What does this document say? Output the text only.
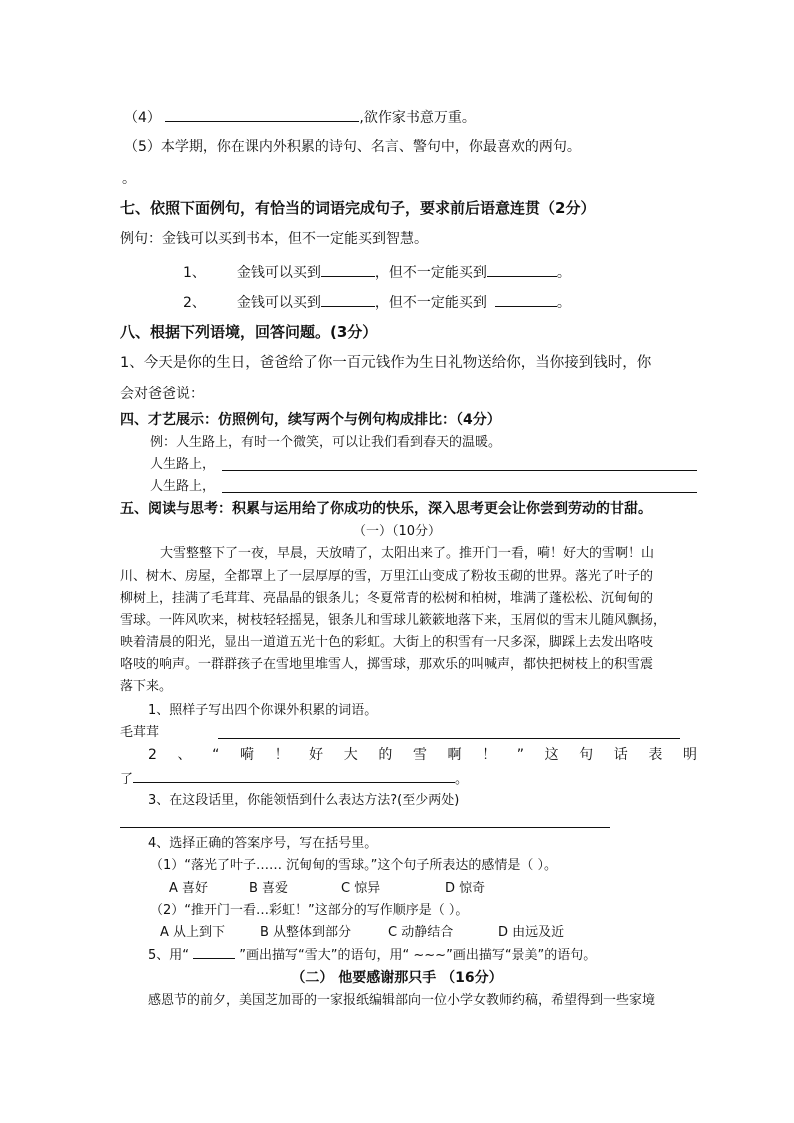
（4）	,欲作家书意万重。
（5）本学期，你在课内外积累的诗句、名言、警句中，你最喜欢的两句。
。
七、依照下面例句，有恰当的词语完成句子，要求前后语意连贯（2分）
例句：金钱可以买到书本，但不一定能买到智慧。
1、 金钱可以买到	，但不一定能买到	。
2、 金钱可以买到	，但不一定能买到	。
八、根据下列语境，回答问题。(3分）
1、今天是你的生日，爸爸给了你一百元钱作为生日礼物送给你，当你接到钱时，你
会对爸爸说：
四、才艺展示：仿照例句，续写两个与例句构成排比：（4分）
例：人生路上，有时一个微笑，可以让我们看到春天的温暖。
人生路上，
人生路上，
五、阅读与思考：积累与运用给了你成功的快乐，深入思考更会让你尝到劳动的甘甜。
（一）（10分）
大雪整整下了一夜，早晨，天放晴了，太阳出来了。推开门一看，嗬！好大的雪啊！山
川、树木、房屋，全都罩上了一层厚厚的雪，万里江山变成了粉妆玉砌的世界。落光了叶子的
柳树上，挂满了毛茸茸、亮晶晶的银条儿；冬夏常青的松树和柏树，堆满了蓬松松、沉甸甸的
雪球。一阵风吹来，树枝轻轻摇晃，银条儿和雪球儿簌簌地落下来，玉屑似的雪末儿随风飘扬，
映着清晨的阳光，显出一道道五光十色的彩虹。大街上的积雪有一尺多深，脚踩上去发出咯吱
咯吱的响声。一群群孩子在雪地里堆雪人，掷雪球，那欢乐的叫喊声，都快把树枝上的积雪震
落下来。
1、照样子写出四个你课外积累的词语。
毛茸茸
2 、 “ 嗬 ！ 好 大 的 雪 啊 ！ ” 这 句 话 表 明
了	。
3、在这段话里，你能领悟到什么表达方法?(至少两处)
4、选择正确的答案序号，写在括号里。
（1）“落光了叶子…… 沉甸甸的雪球。”这个句子所表达的感情是（ ）。
A 喜好	B 喜爱	C 惊异	D 惊奇
（2）“推开门一看…彩虹！”这部分的写作顺序是（ ）。
A 从上到下	B 从整体到部分	C 动静结合	D 由远及近
5、用“	”画出描写“雪大”的语句，用“ ~~~”画出描写“景美”的语句。
（二） 他要感谢那只手 （16分）
感恩节的前夕，美国芝加哥的一家报纸编辑部向一位小学女教师约稿，希望得到一些家境
